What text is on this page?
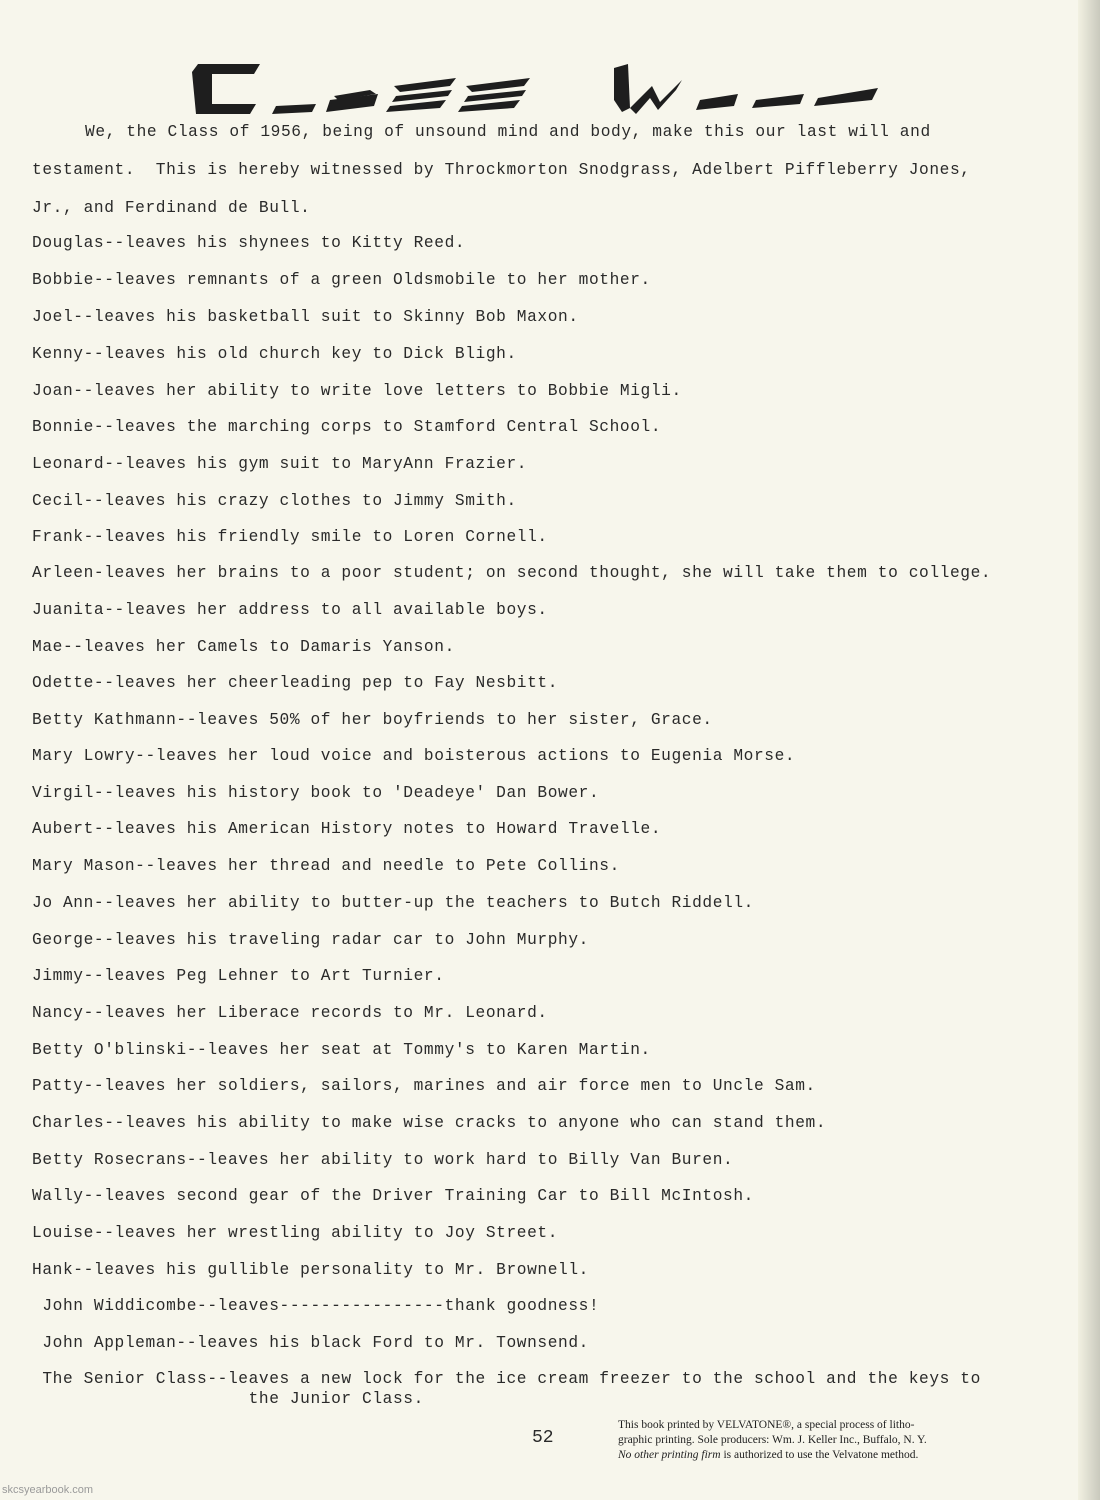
We, the Class of 1956, being of unsound mind and body, make this our last will and
testament.  This is hereby witnessed by Throckmorton Snodgrass, Adelbert Piffleberry Jones,
Jr., and Ferdinand de Bull.
Douglas--leaves his shynees to Kitty Reed.
Bobbie--leaves remnants of a green Oldsmobile to her mother.
Joel--leaves his basketball suit to Skinny Bob Maxon.
Kenny--leaves his old church key to Dick Bligh.
Joan--leaves her ability to write love letters to Bobbie Migli.
Bonnie--leaves the marching corps to Stamford Central School.
Leonard--leaves his gym suit to MaryAnn Frazier.
Cecil--leaves his crazy clothes to Jimmy Smith.
Frank--leaves his friendly smile to Loren Cornell.
Arleen-leaves her brains to a poor student; on second thought, she will take them to college.
Juanita--leaves her address to all available boys.
Mae--leaves her Camels to Damaris Yanson.
Odette--leaves her cheerleading pep to Fay Nesbitt.
Betty Kathmann--leaves 50% of her boyfriends to her sister, Grace.
Mary Lowry--leaves her loud voice and boisterous actions to Eugenia Morse.
Virgil--leaves his history book to 'Deadeye' Dan Bower.
Aubert--leaves his American History notes to Howard Travelle.
Mary Mason--leaves her thread and needle to Pete Collins.
Jo Ann--leaves her ability to butter-up the teachers to Butch Riddell.
George--leaves his traveling radar car to John Murphy.
Jimmy--leaves Peg Lehner to Art Turnier.
Nancy--leaves her Liberace records to Mr. Leonard.
Betty O'blinski--leaves her seat at Tommy's to Karen Martin.
Patty--leaves her soldiers, sailors, marines and air force men to Uncle Sam.
Charles--leaves his ability to make wise cracks to anyone who can stand them.
Betty Rosecrans--leaves her ability to work hard to Billy Van Buren.
Wally--leaves second gear of the Driver Training Car to Bill McIntosh.
Louise--leaves her wrestling ability to Joy Street.
Hank--leaves his gullible personality to Mr. Brownell.
John Widdicombe--leaves----------------thank goodness!
John Appleman--leaves his black Ford to Mr. Townsend.
The Senior Class--leaves a new lock for the ice cream freezer to the school and the keys to
the Junior Class.
52

This book printed by VELVATONE®, a special process of litho-

graphic printing. Sole producers: Wm. J. Keller Inc., Buffalo, N. Y.

No other printing firm is authorized to use the Velvatone method.

skcsyearbook.com
